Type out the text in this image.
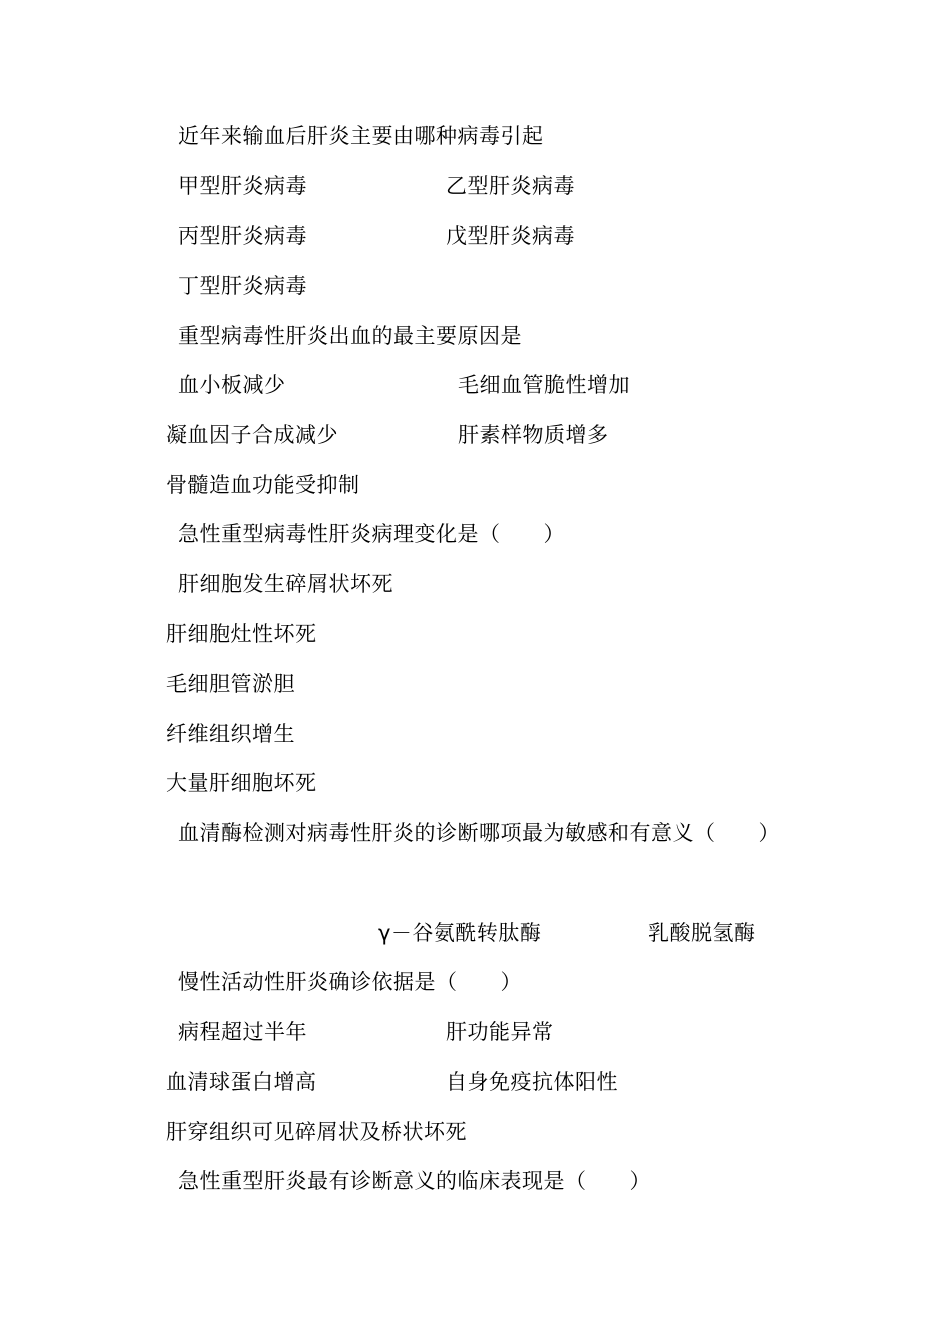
近年来输血后肝炎主要由哪种病毒引起
甲型肝炎病毒	乙型肝炎病毒
丙型肝炎病毒	戊型肝炎病毒
丁型肝炎病毒
重型病毒性肝炎出血的最主要原因是
血小板减少	毛细血管脆性增加
凝血因子合成减少	肝素样物质增多
骨髓造血功能受抑制
急性重型病毒性肝炎病理变化是（　　）
肝细胞发生碎屑状坏死
肝细胞灶性坏死
毛细胆管淤胆
纤维组织增生
大量肝细胞坏死
血清酶检测对病毒性肝炎的诊断哪项最为敏感和有意义（　　）
γ－谷氨酰转肽酶	乳酸脱氢酶
慢性活动性肝炎确诊依据是（　　）
病程超过半年	肝功能异常
血清球蛋白增高	自身免疫抗体阳性
肝穿组织可见碎屑状及桥状坏死
急性重型肝炎最有诊断意义的临床表现是（　　）
